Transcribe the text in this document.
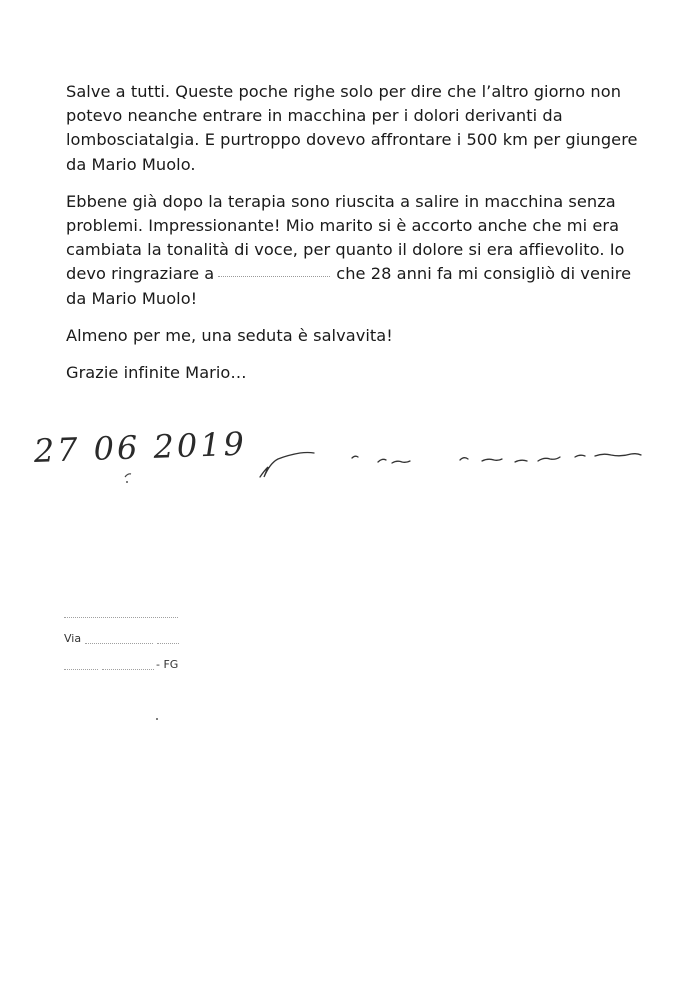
Salve a tutti. Queste poche righe solo per dire che l’altro giorno non potevo neanche entrare in macchina per i dolori derivanti da lombosciatalgia. E purtroppo dovevo affrontare i 500 km per giungere da Mario Muolo.

Ebbene già dopo la terapia sono riuscita a salire in macchina senza problemi. Impressionante! Mio marito si è accorto anche che mi era cambiata la tonalità di voce, per quanto il dolore si era affievolito. Io devo ringraziare a	che 28 anni fa mi consigliò di venire da Mario Muolo!

Almeno per me, una seduta è salvavita!

Grazie infinite Mario…

27 06 2019
Via
- FG
